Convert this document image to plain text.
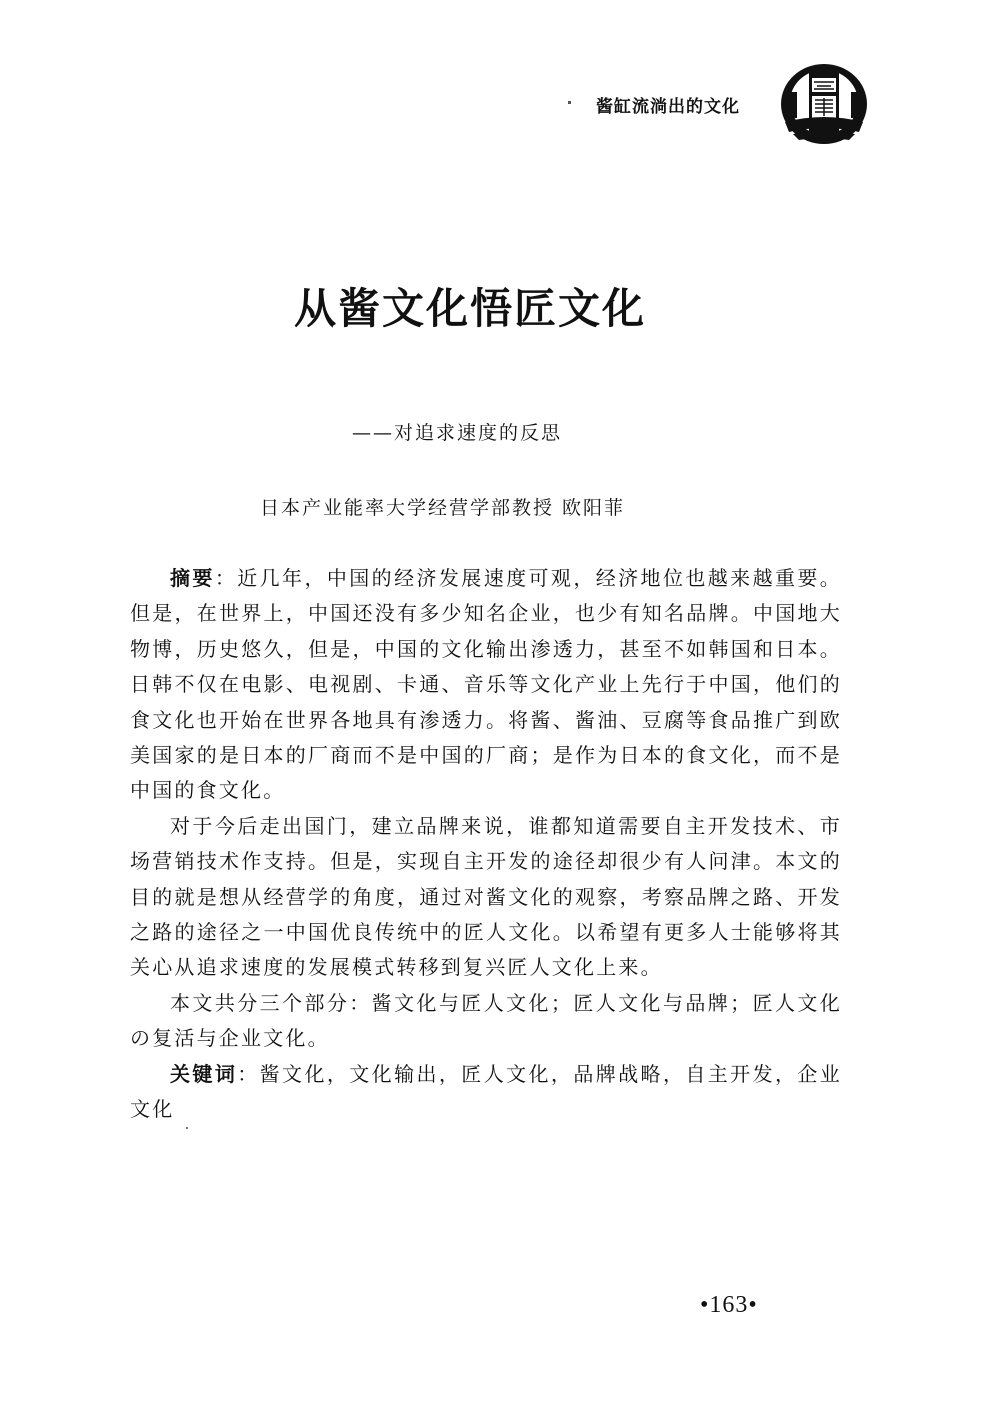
酱缸流淌出的文化
从酱文化悟匠文化
——对追求速度的反思
日本产业能率大学经营学部教授 欧阳菲

摘要：近几年，中国的经济发展速度可观，经济地位也越来越重要。但是，在世界上，中国还没有多少知名企业，也少有知名品牌。中国地大物博，历史悠久，但是，中国的文化输出渗透力，甚至不如韩国和日本。日韩不仅在电影、电视剧、卡通、音乐等文化产业上先行于中国，他们的食文化也开始在世界各地具有渗透力。将酱、酱油、豆腐等食品推广到欧美国家的是日本的厂商而不是中国的厂商；是作为日本的食文化，而不是中国的食文化。

对于今后走出国门，建立品牌来说，谁都知道需要自主开发技术、市场营销技术作支持。但是，实现自主开发的途径却很少有人问津。本文的目的就是想从经营学的角度，通过对酱文化的观察，考察品牌之路、开发之路的途径之一中国优良传统中的匠人文化。以希望有更多人士能够将其关心从追求速度的发展模式转移到复兴匠人文化上来。

本文共分三个部分：酱文化与匠人文化；匠人文化与品牌；匠人文化の复活与企业文化。

关键词：酱文化，文化输出，匠人文化，品牌战略，自主开发，企业文化

•163•
